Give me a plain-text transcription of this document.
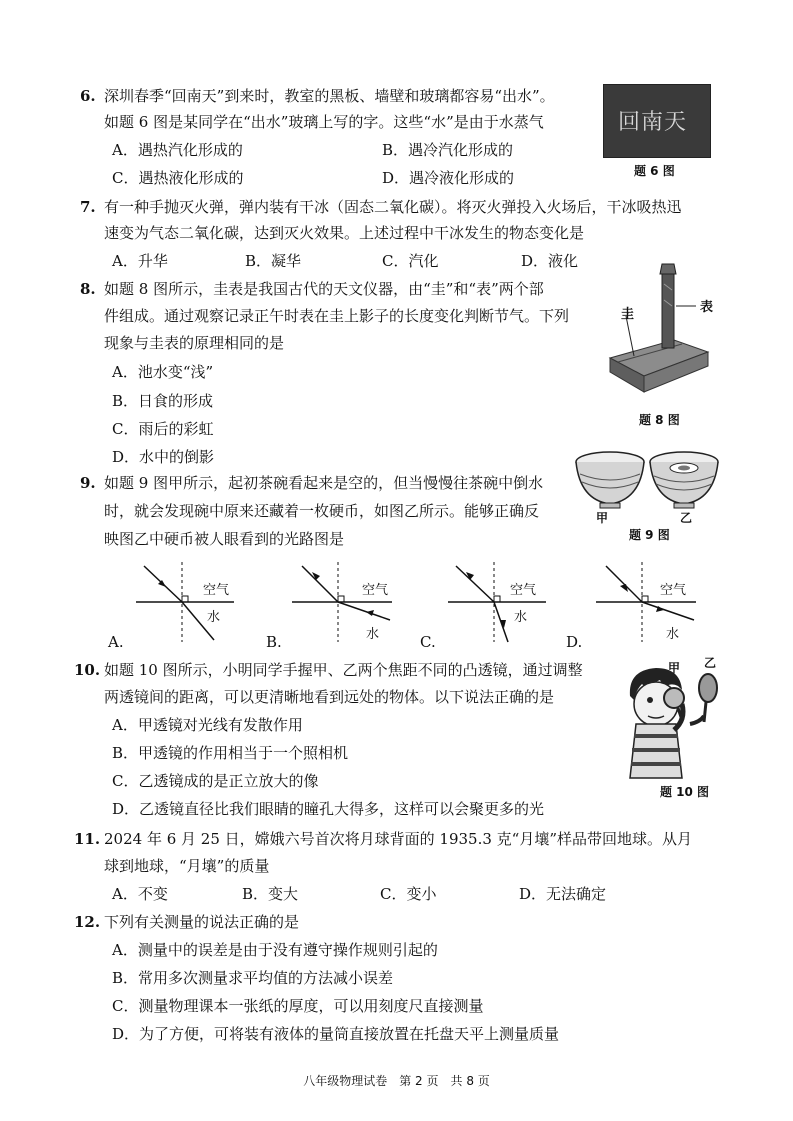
6. 深圳春季“回南天”到来时，教室的黑板、墙壁和玻璃都容易“出水”。
如题 6 图是某同学在“出水”玻璃上写的字。这些“水”是由于水蒸气
A．遇热汽化形成的	B．遇冷汽化形成的
C．遇热液化形成的	D．遇冷液化形成的
回南天
题 6 图
7. 有一种手抛灭火弹，弹内装有干冰（固态二氧化碳）。将灭火弹投入火场后，干冰吸热迅
速变为气态二氧化碳，达到灭火效果。上述过程中干冰发生的物态变化是
A．升华	B．凝华	C．汽化	D．液化
8. 如题 8 图所示，圭表是我国古代的天文仪器，由“圭”和“表”两个部
件组成。通过观察记录正午时表在圭上影子的长度变化判断节气。下列
现象与圭表的原理相同的是
A．池水变“浅”
B．日食的形成
C．雨后的彩虹
D．水中的倒影
圭	表
题 8 图
9. 如题 9 图甲所示，起初茶碗看起来是空的，但当慢慢往茶碗中倒水
时，就会发现碗中原来还藏着一枚硬币，如图乙所示。能够正确反
映图乙中硬币被人眼看到的光路图是
甲	乙
题 9 图
空气
水
A.
空气
水
B.
空气
水
C.
空气
水
D.
10. 如题 10 图所示，小明同学手握甲、乙两个焦距不同的凸透镜，通过调整
两透镜间的距离，可以更清晰地看到远处的物体。以下说法正确的是
A．甲透镜对光线有发散作用
B．甲透镜的作用相当于一个照相机
C．乙透镜成的是正立放大的像
D．乙透镜直径比我们眼睛的瞳孔大得多，这样可以会聚更多的光
甲 乙
题 10 图
11. 2024 年 6 月 25 日，嫦娥六号首次将月球背面的 1935.3 克“月壤”样品带回地球。从月
球到地球，“月壤”的质量
A．不变	B．变大	C．变小	D．无法确定
12. 下列有关测量的说法正确的是
A．测量中的误差是由于没有遵守操作规则引起的
B．常用多次测量求平均值的方法减小误差
C．测量物理课本一张纸的厚度，可以用刻度尺直接测量
D．为了方便，可将装有液体的量筒直接放置在托盘天平上测量质量
八年级物理试卷　第 2 页　共 8 页
